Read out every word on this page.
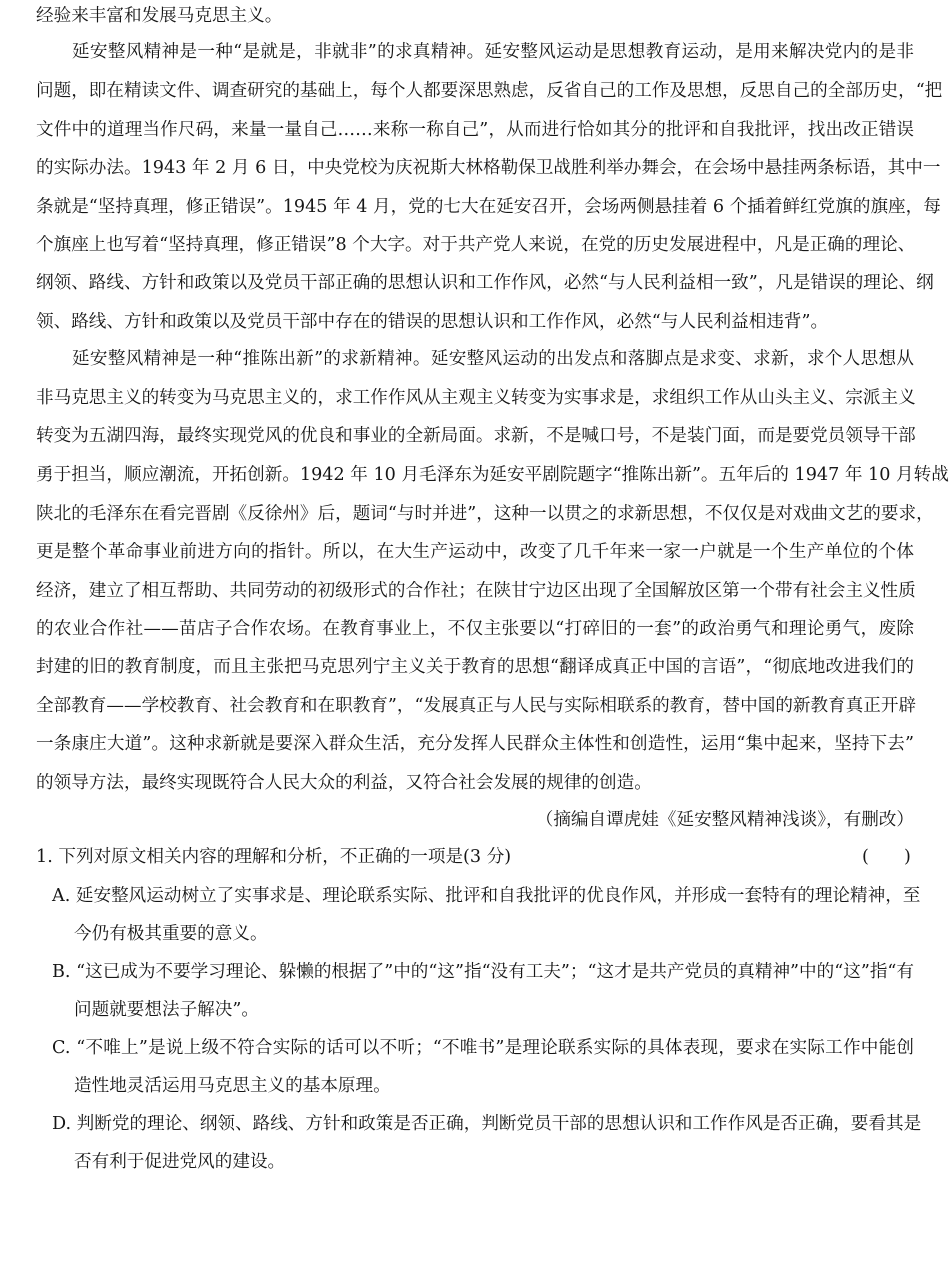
经验来丰富和发展马克思主义。
延安整风精神是一种“是就是，非就非”的求真精神。延安整风运动是思想教育运动，是用来解决党内的是非
问题，即在精读文件、调查研究的基础上，每个人都要深思熟虑，反省自己的工作及思想，反思自己的全部历史，“把
文件中的道理当作尺码，来量一量自己……来称一称自己”，从而进行恰如其分的批评和自我批评，找出改正错误
的实际办法。1943 年 2 月 6 日，中央党校为庆祝斯大林格勒保卫战胜利举办舞会，在会场中悬挂两条标语，其中一
条就是“坚持真理，修正错误”。1945 年 4 月，党的七大在延安召开，会场两侧悬挂着 6 个插着鲜红党旗的旗座，每
个旗座上也写着“坚持真理，修正错误”8 个大字。对于共产党人来说，在党的历史发展进程中，凡是正确的理论、
纲领、路线、方针和政策以及党员干部正确的思想认识和工作作风，必然“与人民利益相一致”，凡是错误的理论、纲
领、路线、方针和政策以及党员干部中存在的错误的思想认识和工作作风，必然“与人民利益相违背”。
延安整风精神是一种“推陈出新”的求新精神。延安整风运动的出发点和落脚点是求变、求新，求个人思想从
非马克思主义的转变为马克思主义的，求工作作风从主观主义转变为实事求是，求组织工作从山头主义、宗派主义
转变为五湖四海，最终实现党风的优良和事业的全新局面。求新，不是喊口号，不是装门面，而是要党员领导干部
勇于担当，顺应潮流，开拓创新。1942 年 10 月毛泽东为延安平剧院题字“推陈出新”。五年后的 1947 年 10 月转战
陕北的毛泽东在看完晋剧《反徐州》后，题词“与时并进”，这种一以贯之的求新思想，不仅仅是对戏曲文艺的要求，
更是整个革命事业前进方向的指针。所以，在大生产运动中，改变了几千年来一家一户就是一个生产单位的个体
经济，建立了相互帮助、共同劳动的初级形式的合作社；在陕甘宁边区出现了全国解放区第一个带有社会主义性质
的农业合作社——苗店子合作农场。在教育事业上，不仅主张要以“打碎旧的一套”的政治勇气和理论勇气，废除
封建的旧的教育制度，而且主张把马克思列宁主义关于教育的思想“翻译成真正中国的言语”，“彻底地改进我们的
全部教育——学校教育、社会教育和在职教育”，“发展真正与人民与实际相联系的教育，替中国的新教育真正开辟
一条康庄大道”。这种求新就是要深入群众生活，充分发挥人民群众主体性和创造性，运用“集中起来，坚持下去”
的领导方法，最终实现既符合人民大众的利益，又符合社会发展的规律的创造。
（摘编自谭虎娃《延安整风精神浅谈》，有删改）
1. 下列对原文相关内容的理解和分析，不正确的一项是(3 分)	(　　)
A. 延安整风运动树立了实事求是、理论联系实际、批评和自我批评的优良作风，并形成一套特有的理论精神，至
今仍有极其重要的意义。
B. “这已成为不要学习理论、躲懒的根据了”中的“这”指“没有工夫”；“这才是共产党员的真精神”中的“这”指“有
问题就要想法子解决”。
C. “不唯上”是说上级不符合实际的话可以不听；“不唯书”是理论联系实际的具体表现，要求在实际工作中能创
造性地灵活运用马克思主义的基本原理。
D. 判断党的理论、纲领、路线、方针和政策是否正确，判断党员干部的思想认识和工作作风是否正确，要看其是
否有利于促进党风的建设。
